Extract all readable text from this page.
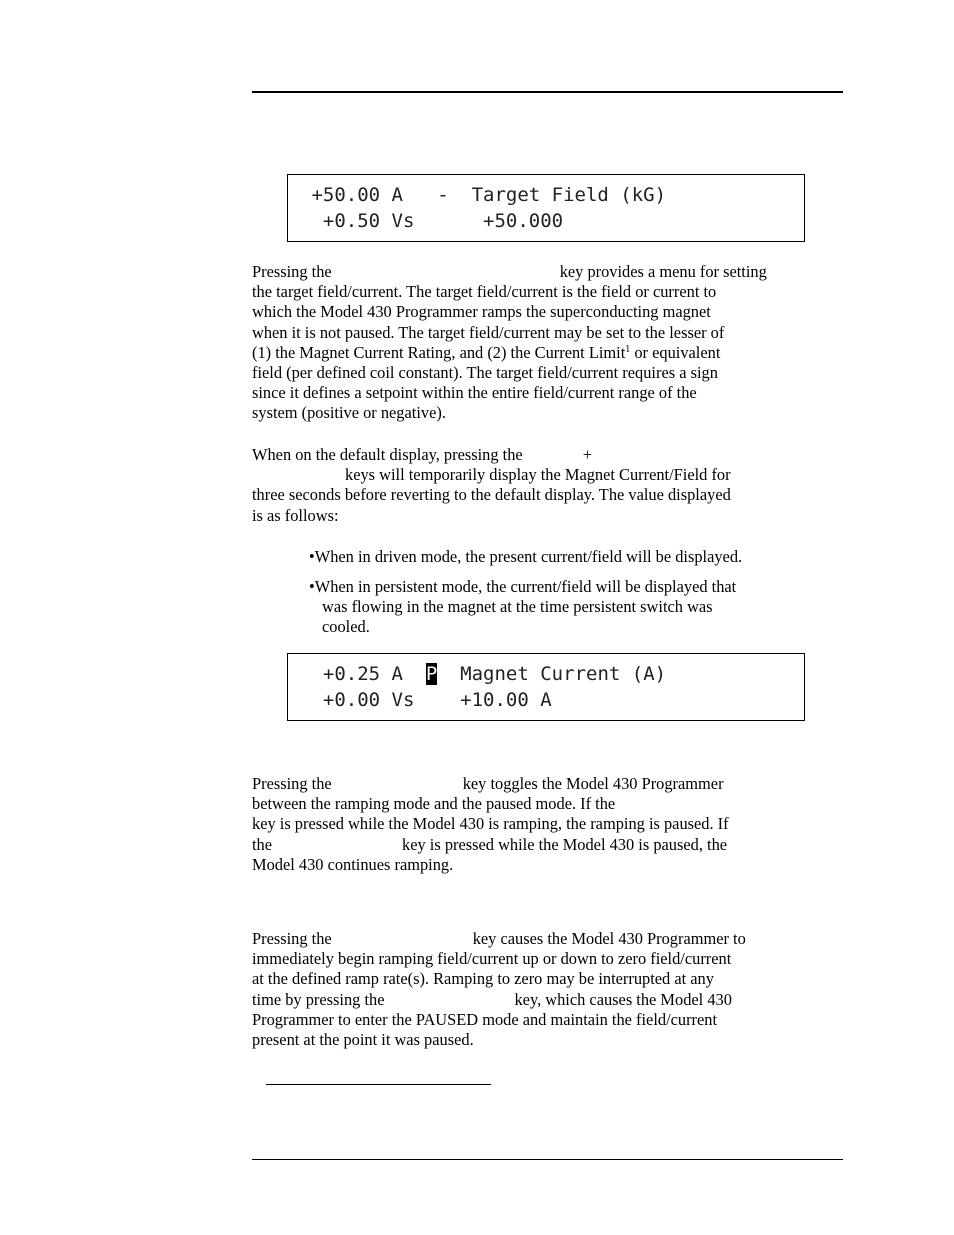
+50.00 A   -  Target Field (kG)
+0.50 Vs      +50.000
Pressing the	key provides a menu for setting
the target field/current. The target field/current is the field or current to
which the Model 430 Programmer ramps the superconducting magnet
when it is not paused. The target field/current may be set to the lesser of
(1) the Magnet Current Rating, and (2) the Current Limit$^1$ or equivalent
field (per defined coil constant). The target field/current requires a sign
since it defines a setpoint within the entire field/current range of the
system (positive or negative).
When on the default display, pressing the	+
keys will temporarily display the Magnet Current/Field for
three seconds before reverting to the default display. The value displayed
is as follows:
•When in driven mode, the present current/field will be displayed.
•When in persistent mode, the current/field will be displayed that
was flowing in the magnet at the time persistent switch was
cooled.
+0.25 A  P  Magnet Current (A)
+0.00 Vs    +10.00 A
Pressing the	key toggles the Model 430 Programmer
between the ramping mode and the paused mode. If the
key is pressed while the Model 430 is ramping, the ramping is paused. If
the	key is pressed while the Model 430 is paused, the
Model 430 continues ramping.
Pressing the	key causes the Model 430 Programmer to
immediately begin ramping field/current up or down to zero field/current
at the defined ramp rate(s). Ramping to zero may be interrupted at any
time by pressing the	key, which causes the Model 430
Programmer to enter the PAUSED mode and maintain the field/current
present at the point it was paused.
